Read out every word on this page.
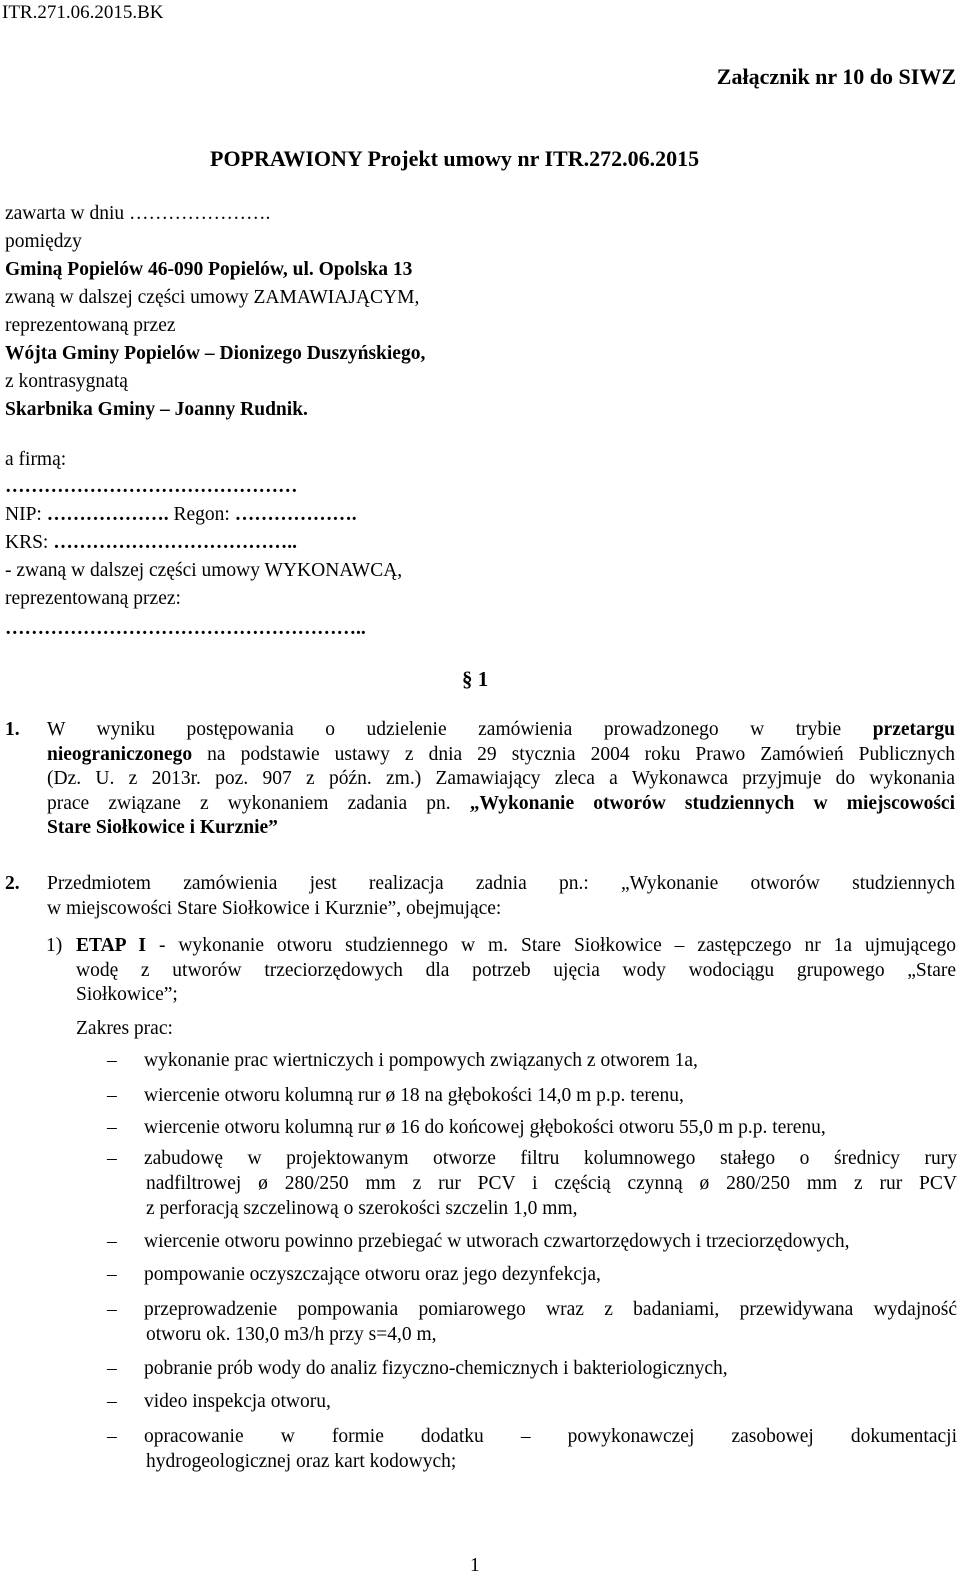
ITR.271.06.2015.BK
Załącznik nr 10 do SIWZ
POPRAWIONY Projekt umowy nr ITR.272.06.2015
zawarta w dniu ………………….
pomiędzy
Gminą Popielów 46-090 Popielów, ul. Opolska 13
zwaną w dalszej części umowy ZAMAWIAJĄCYM,
reprezentowaną przez
Wójta Gminy Popielów – Dionizego Duszyńskiego,
z kontrasygnatą
Skarbnika Gminy – Joanny Rudnik.
a firmą:
………………………………………
NIP: ………………. Regon: ……………….
KRS: ………………………………..
- zwaną w dalszej części umowy WYKONAWCĄ,
reprezentowaną przez:
………………………………………………..
§ 1
1. W wyniku postępowania o udzielenie zamówienia prowadzonego w trybie przetargu
nieograniczonego na podstawie ustawy z dnia 29 stycznia 2004 roku Prawo Zamówień Publicznych
(Dz. U. z 2013r. poz. 907 z późn. zm.) Zamawiający zleca a Wykonawca przyjmuje do wykonania
prace związane z wykonaniem zadania pn. „Wykonanie otworów studziennych w miejscowości
Stare Siołkowice i Kurznie”
2. Przedmiotem zamówienia jest realizacja zadnia pn.: „Wykonanie otworów studziennych
w miejscowości Stare Siołkowice i Kurznie”, obejmujące:
1) ETAP I - wykonanie otworu studziennego w m. Stare Siołkowice – zastępczego nr 1a ujmującego
wodę z utworów trzeciorzędowych dla potrzeb ujęcia wody wodociągu grupowego „Stare
Siołkowice”;
Zakres prac:
–	wykonanie prac wiertniczych i pompowych związanych z otworem 1a,
–	wiercenie otworu kolumną rur ø 18 na głębokości 14,0 m p.p. terenu,
–	wiercenie otworu kolumną rur ø 16 do końcowej głębokości otworu 55,0 m p.p. terenu,
–	zabudowę w projektowanym otworze filtru kolumnowego stałego o średnicy rury
nadfiltrowej ø 280/250 mm z rur PCV i częścią czynną ø 280/250 mm z rur PCV
z perforacją szczelinową o szerokości szczelin 1,0 mm,
–	wiercenie otworu powinno przebiegać w utworach czwartorzędowych i trzeciorzędowych,
–	pompowanie oczyszczające otworu oraz jego dezynfekcja,
–	przeprowadzenie pompowania pomiarowego wraz z badaniami, przewidywana wydajność
otworu ok. 130,0 m3/h przy s=4,0 m,
–	pobranie prób wody do analiz fizyczno-chemicznych i bakteriologicznych,
–	video inspekcja otworu,
–	opracowanie w formie dodatku – powykonawczej zasobowej dokumentacji
hydrogeologicznej oraz kart kodowych;
1
